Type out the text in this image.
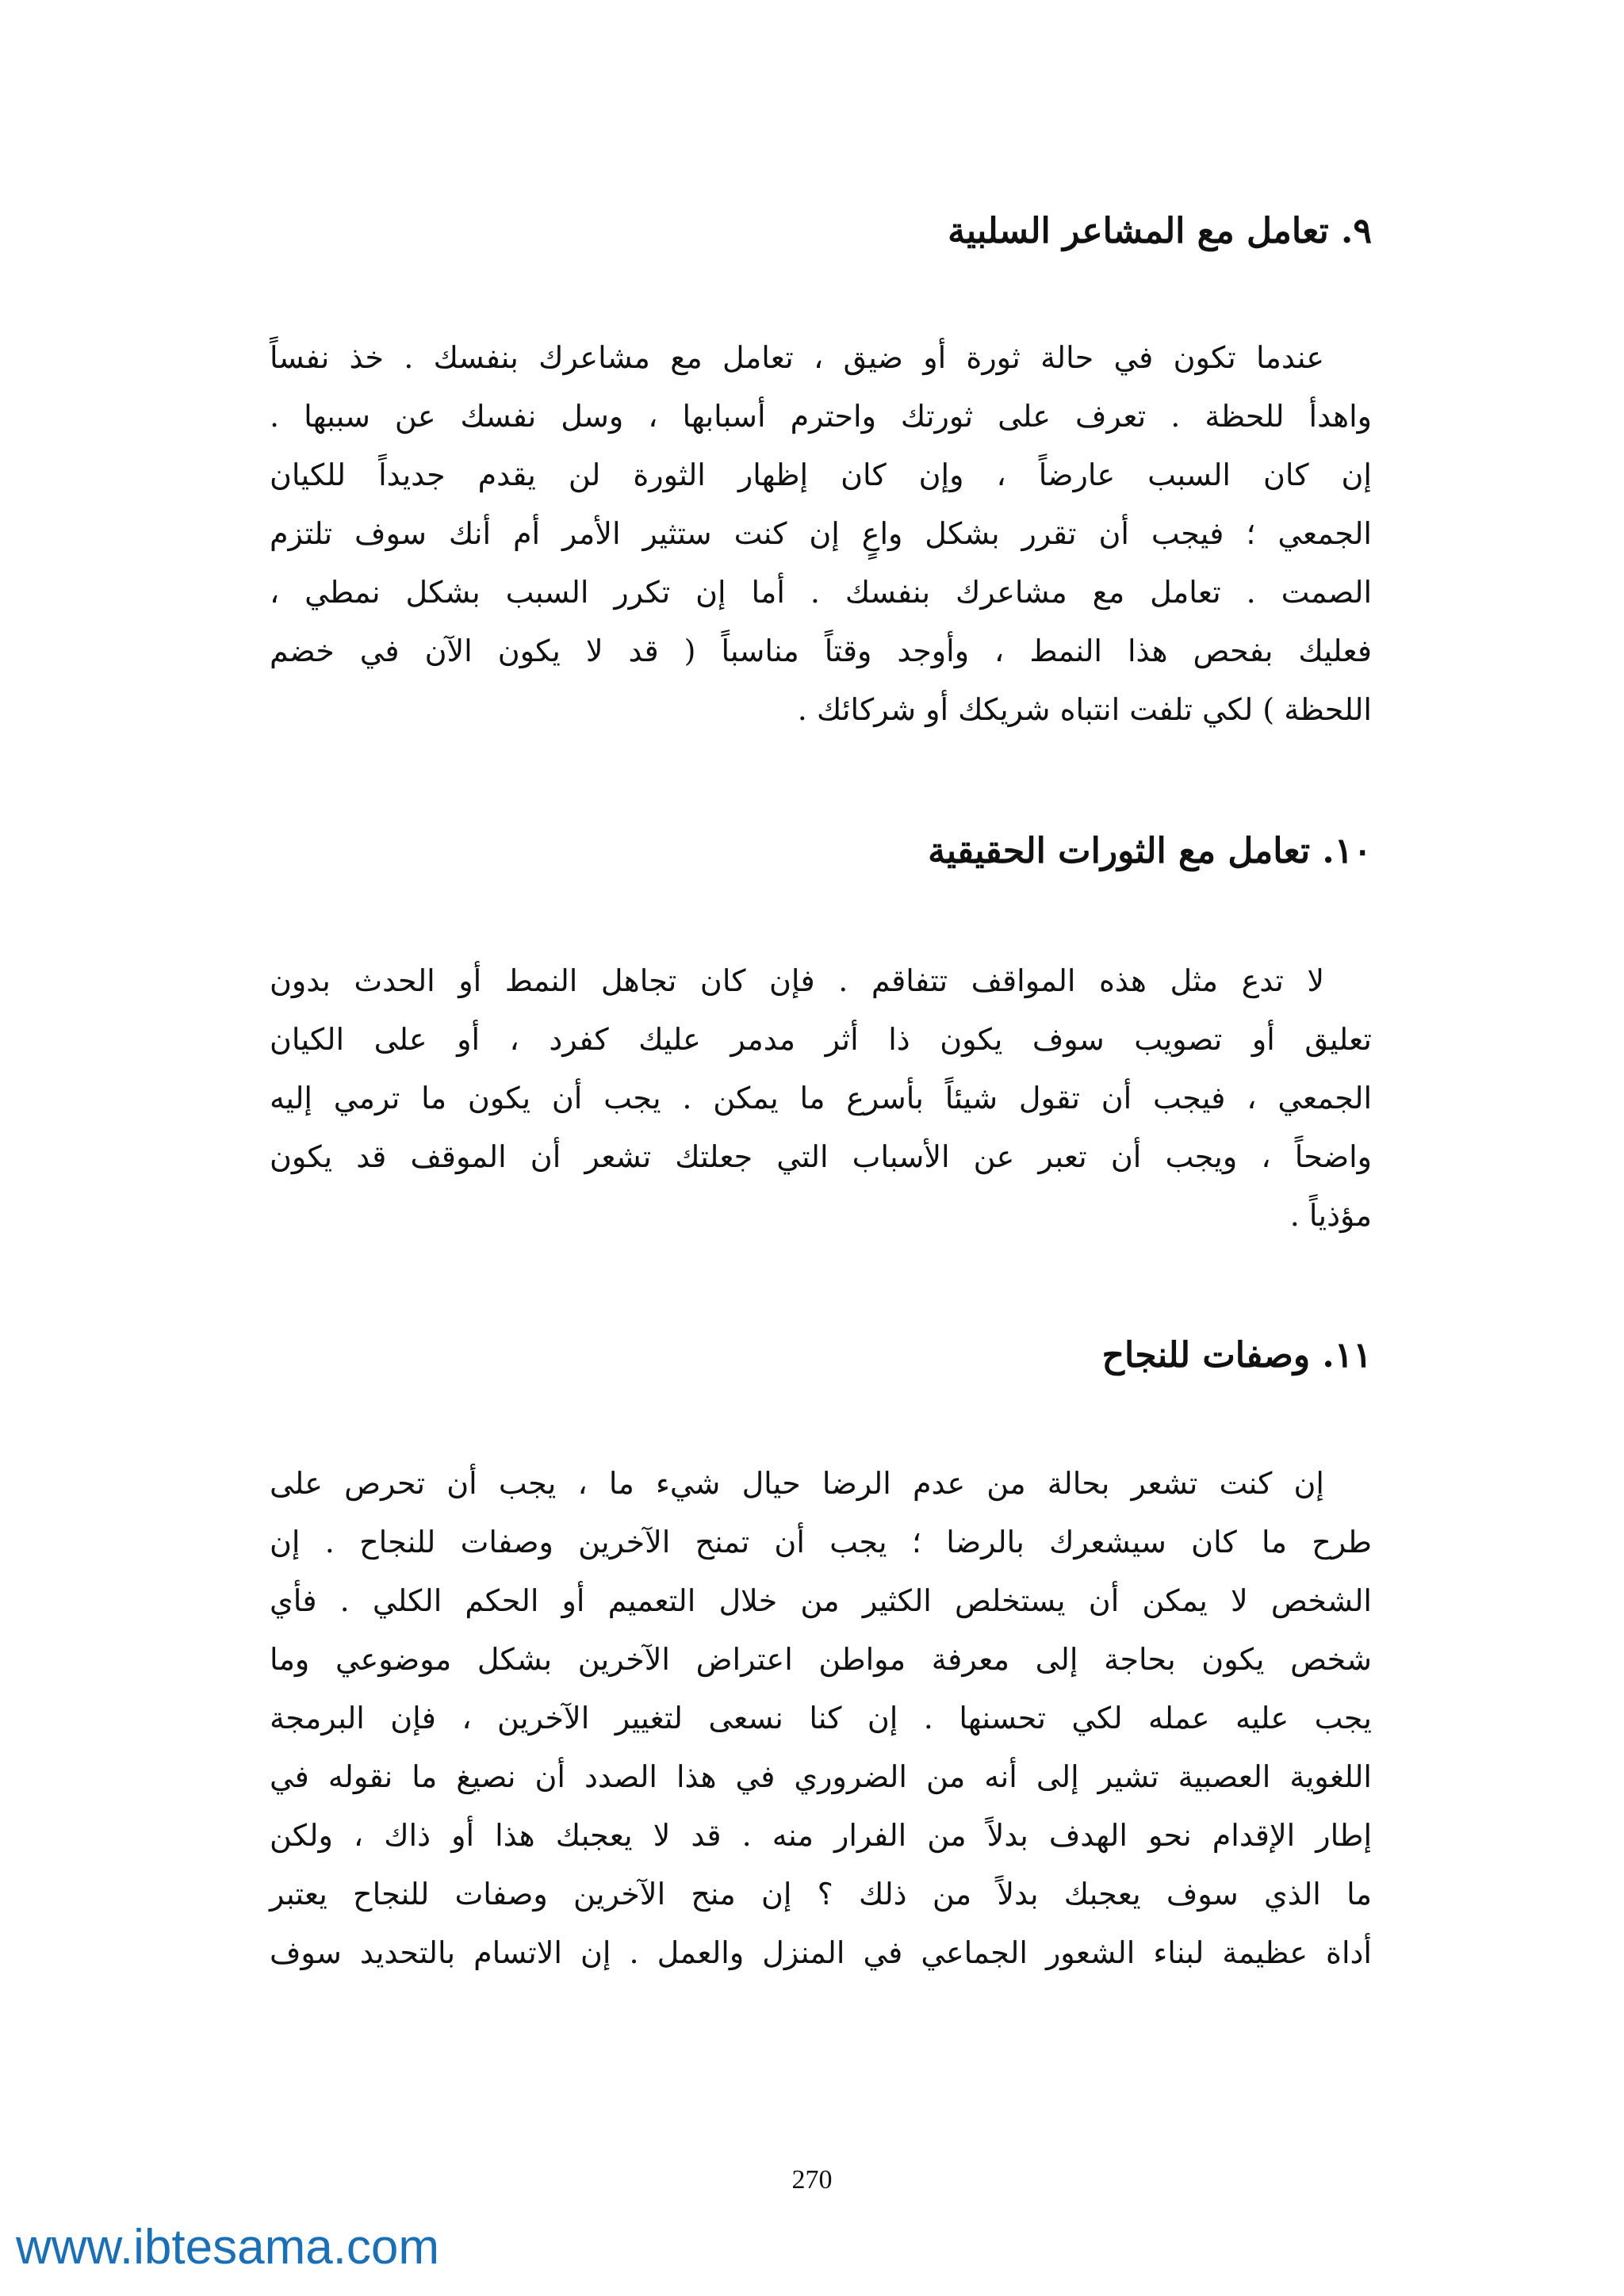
٩. تعامل مع المشاعر السلبية
عندما تكون في حالة ثورة أو ضيق ، تعامل مع مشاعرك بنفسك . خذ نفساً
واهدأ للحظة . تعرف على ثورتك واحترم أسبابها ، وسل نفسك عن سببها .
إن كان السبب عارضاً ، وإن كان إظهار الثورة لن يقدم جديداً للكيان
الجمعي ؛ فيجب أن تقرر بشكل واعٍ إن كنت ستثير الأمر أم أنك سوف تلتزم
الصمت . تعامل مع مشاعرك بنفسك . أما إن تكرر السبب بشكل نمطي ،
فعليك بفحص هذا النمط ، وأوجد وقتاً مناسباً ( قد لا يكون الآن في خضم
اللحظة ) لكي تلفت انتباه شريكك أو شركائك .
١٠. تعامل مع الثورات الحقيقية
لا تدع مثل هذه المواقف تتفاقم . فإن كان تجاهل النمط أو الحدث بدون
تعليق أو تصويب سوف يكون ذا أثر مدمر عليك كفرد ، أو على الكيان
الجمعي ، فيجب أن تقول شيئاً بأسرع ما يمكن . يجب أن يكون ما ترمي إليه
واضحاً ، ويجب أن تعبر عن الأسباب التي جعلتك تشعر أن الموقف قد يكون
مؤذياً .
١١. وصفات للنجاح
إن كنت تشعر بحالة من عدم الرضا حيال شيء ما ، يجب أن تحرص على
طرح ما كان سيشعرك بالرضا ؛ يجب أن تمنح الآخرين وصفات للنجاح . إن
الشخص لا يمكن أن يستخلص الكثير من خلال التعميم أو الحكم الكلي . فأي
شخص يكون بحاجة إلى معرفة مواطن اعتراض الآخرين بشكل موضوعي وما
يجب عليه عمله لكي تحسنها . إن كنا نسعى لتغيير الآخرين ، فإن البرمجة
اللغوية العصبية تشير إلى أنه من الضروري في هذا الصدد أن نصيغ ما نقوله في
إطار الإقدام نحو الهدف بدلاً من الفرار منه . قد لا يعجبك هذا أو ذاك ، ولكن
ما الذي سوف يعجبك بدلاً من ذلك ؟ إن منح الآخرين وصفات للنجاح يعتبر
أداة عظيمة لبناء الشعور الجماعي في المنزل والعمل . إن الاتسام بالتحديد سوف
270
www.ibtesama.com
